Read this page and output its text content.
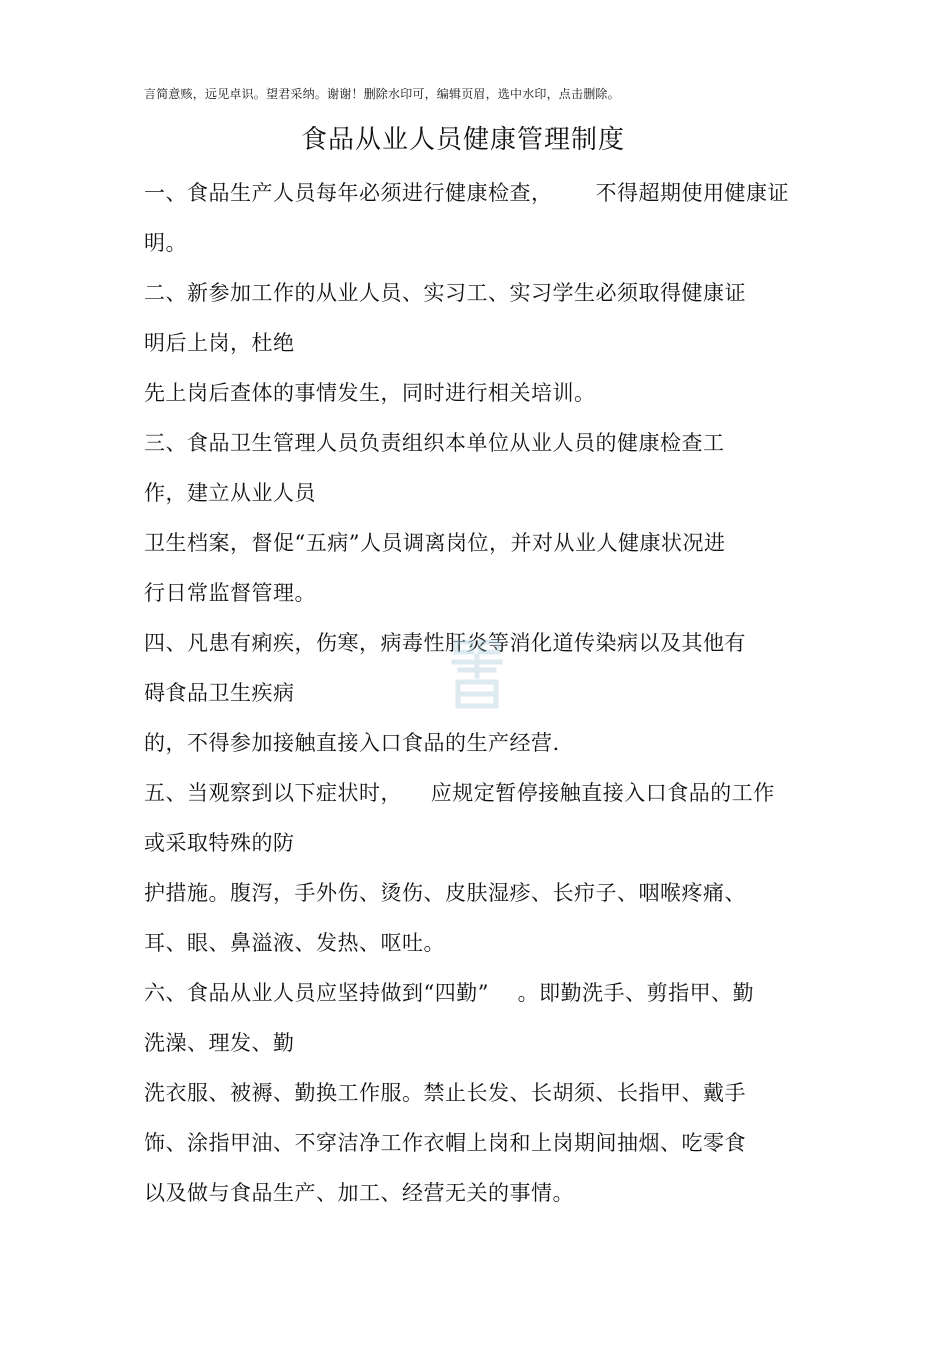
言简意赅，远见卓识。望君采纳。谢谢！删除水印可，编辑页眉，选中水印，点击删除。
食品从业人员健康管理制度
一、食品生产人员每年必须进行健康检查，      不得超期使用健康证
明。
二、新参加工作的从业人员、实习工、实习学生必须取得健康证
明后上岗，杜绝
先上岗后查体的事情发生，同时进行相关培训。
三、食品卫生管理人员负责组织本单位从业人员的健康检查工
作，建立从业人员
卫生档案，督促“五病”人员调离岗位，并对从业人健康状况进
行日常监督管理。
四、凡患有痢疾，伤寒，病毒性肝炎等消化道传染病以及其他有
碍食品卫生疾病
的，不得参加接触直接入口食品的生产经营.
五、当观察到以下症状时，    应规定暂停接触直接入口食品的工作
或采取特殊的防
护措施。腹泻，手外伤、烫伤、皮肤湿疹、长疖子、咽喉疼痛、
耳、眼、鼻溢液、发热、呕吐。
六、食品从业人员应坚持做到“四勤”    。即勤洗手、剪指甲、勤
洗澡、理发、勤
洗衣服、被褥、勤换工作服。禁止长发、长胡须、长指甲、戴手
饰、涂指甲油、不穿洁净工作衣帽上岗和上岗期间抽烟、吃零食
以及做与食品生产、加工、经营无关的事情。
